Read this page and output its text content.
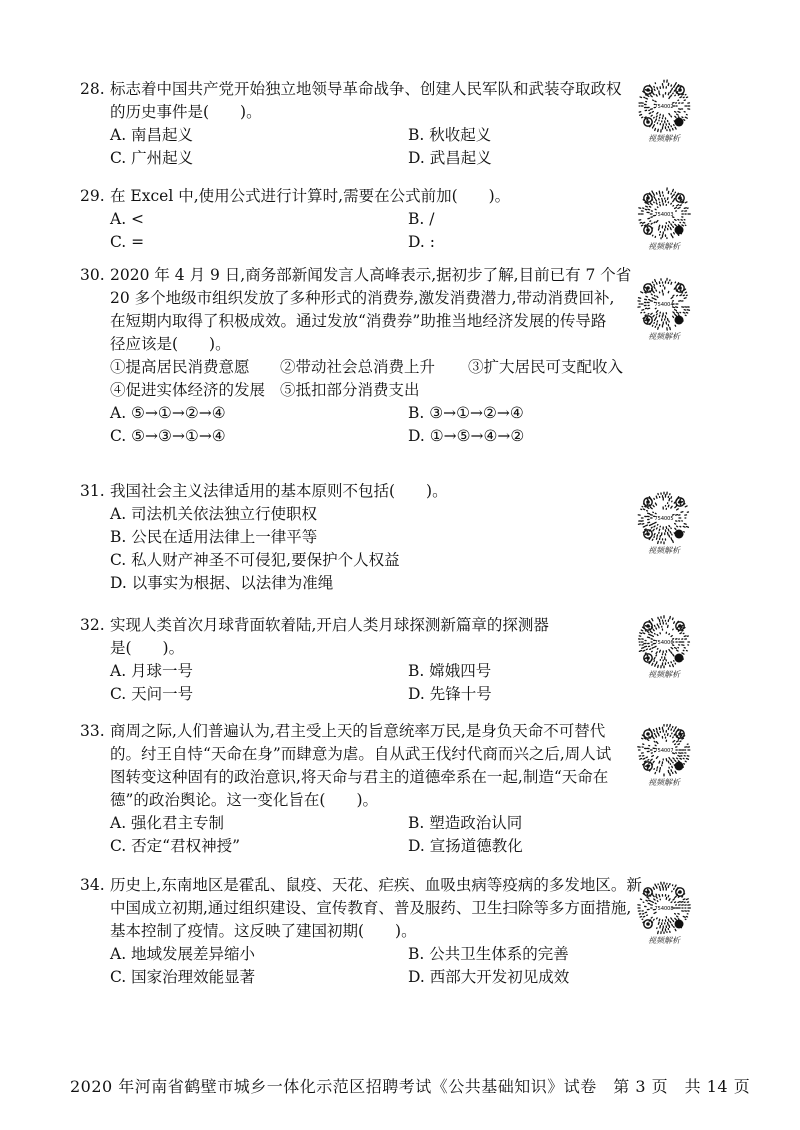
28. 标志着中国共产党开始独立地领导革命战争、创建人民军队和武装夺取政权
的历史事件是(　　)。
A. 南昌起义	B. 秋收起义
C. 广州起义	D. 武昌起义
754002
视频解析
29. 在 Excel 中,使用公式进行计算时,需要在公式前加(　　)。
A. <	B. /
C. =	D. :
754003
视频解析
30. 2020 年 4 月 9 日,商务部新闻发言人高峰表示,据初步了解,目前已有 7 个省
20 多个地级市组织发放了多种形式的消费券,激发消费潜力,带动消费回补,
在短期内取得了积极成效。通过发放“消费券”助推当地经济发展的传导路
径应该是(　　)。
①提高居民消费意愿 ②带动社会总消费上升 ③扩大居民可支配收入
④促进实体经济的发展 ⑤抵扣部分消费支出
A. ⑤→①→②→④	B. ③→①→②→④
C. ⑤→③→①→④	D. ①→⑤→④→②
754004
视频解析
31. 我国社会主义法律适用的基本原则不包括(　　)。
A. 司法机关依法独立行使职权
B. 公民在适用法律上一律平等
C. 私人财产神圣不可侵犯,要保护个人权益
D. 以事实为根据、以法律为准绳
754005
视频解析
32. 实现人类首次月球背面软着陆,开启人类月球探测新篇章的探测器
是(　　)。
A. 月球一号	B. 嫦娥四号
C. 天问一号	D. 先锋十号
754006
视频解析
33. 商周之际,人们普遍认为,君主受上天的旨意统率万民,是身负天命不可替代
的。纣王自恃“天命在身”而肆意为虐。自从武王伐纣代商而兴之后,周人试
图转变这种固有的政治意识,将天命与君主的道德牵系在一起,制造“天命在
德”的政治舆论。这一变化旨在(　　)。
A. 强化君主专制	B. 塑造政治认同
C. 否定“君权神授”	D. 宣扬道德教化
754007
视频解析
34. 历史上,东南地区是霍乱、鼠疫、天花、疟疾、血吸虫病等疫病的多发地区。新
中国成立初期,通过组织建设、宣传教育、普及服药、卫生扫除等多方面措施,
基本控制了疫情。这反映了建国初期(　　)。
A. 地域发展差异缩小	B. 公共卫生体系的完善
C. 国家治理效能显著	D. 西部大开发初见成效
754008
视频解析
2020 年河南省鹤壁市城乡一体化示范区招聘考试《公共基础知识》试卷　第 3 页　共 14 页
